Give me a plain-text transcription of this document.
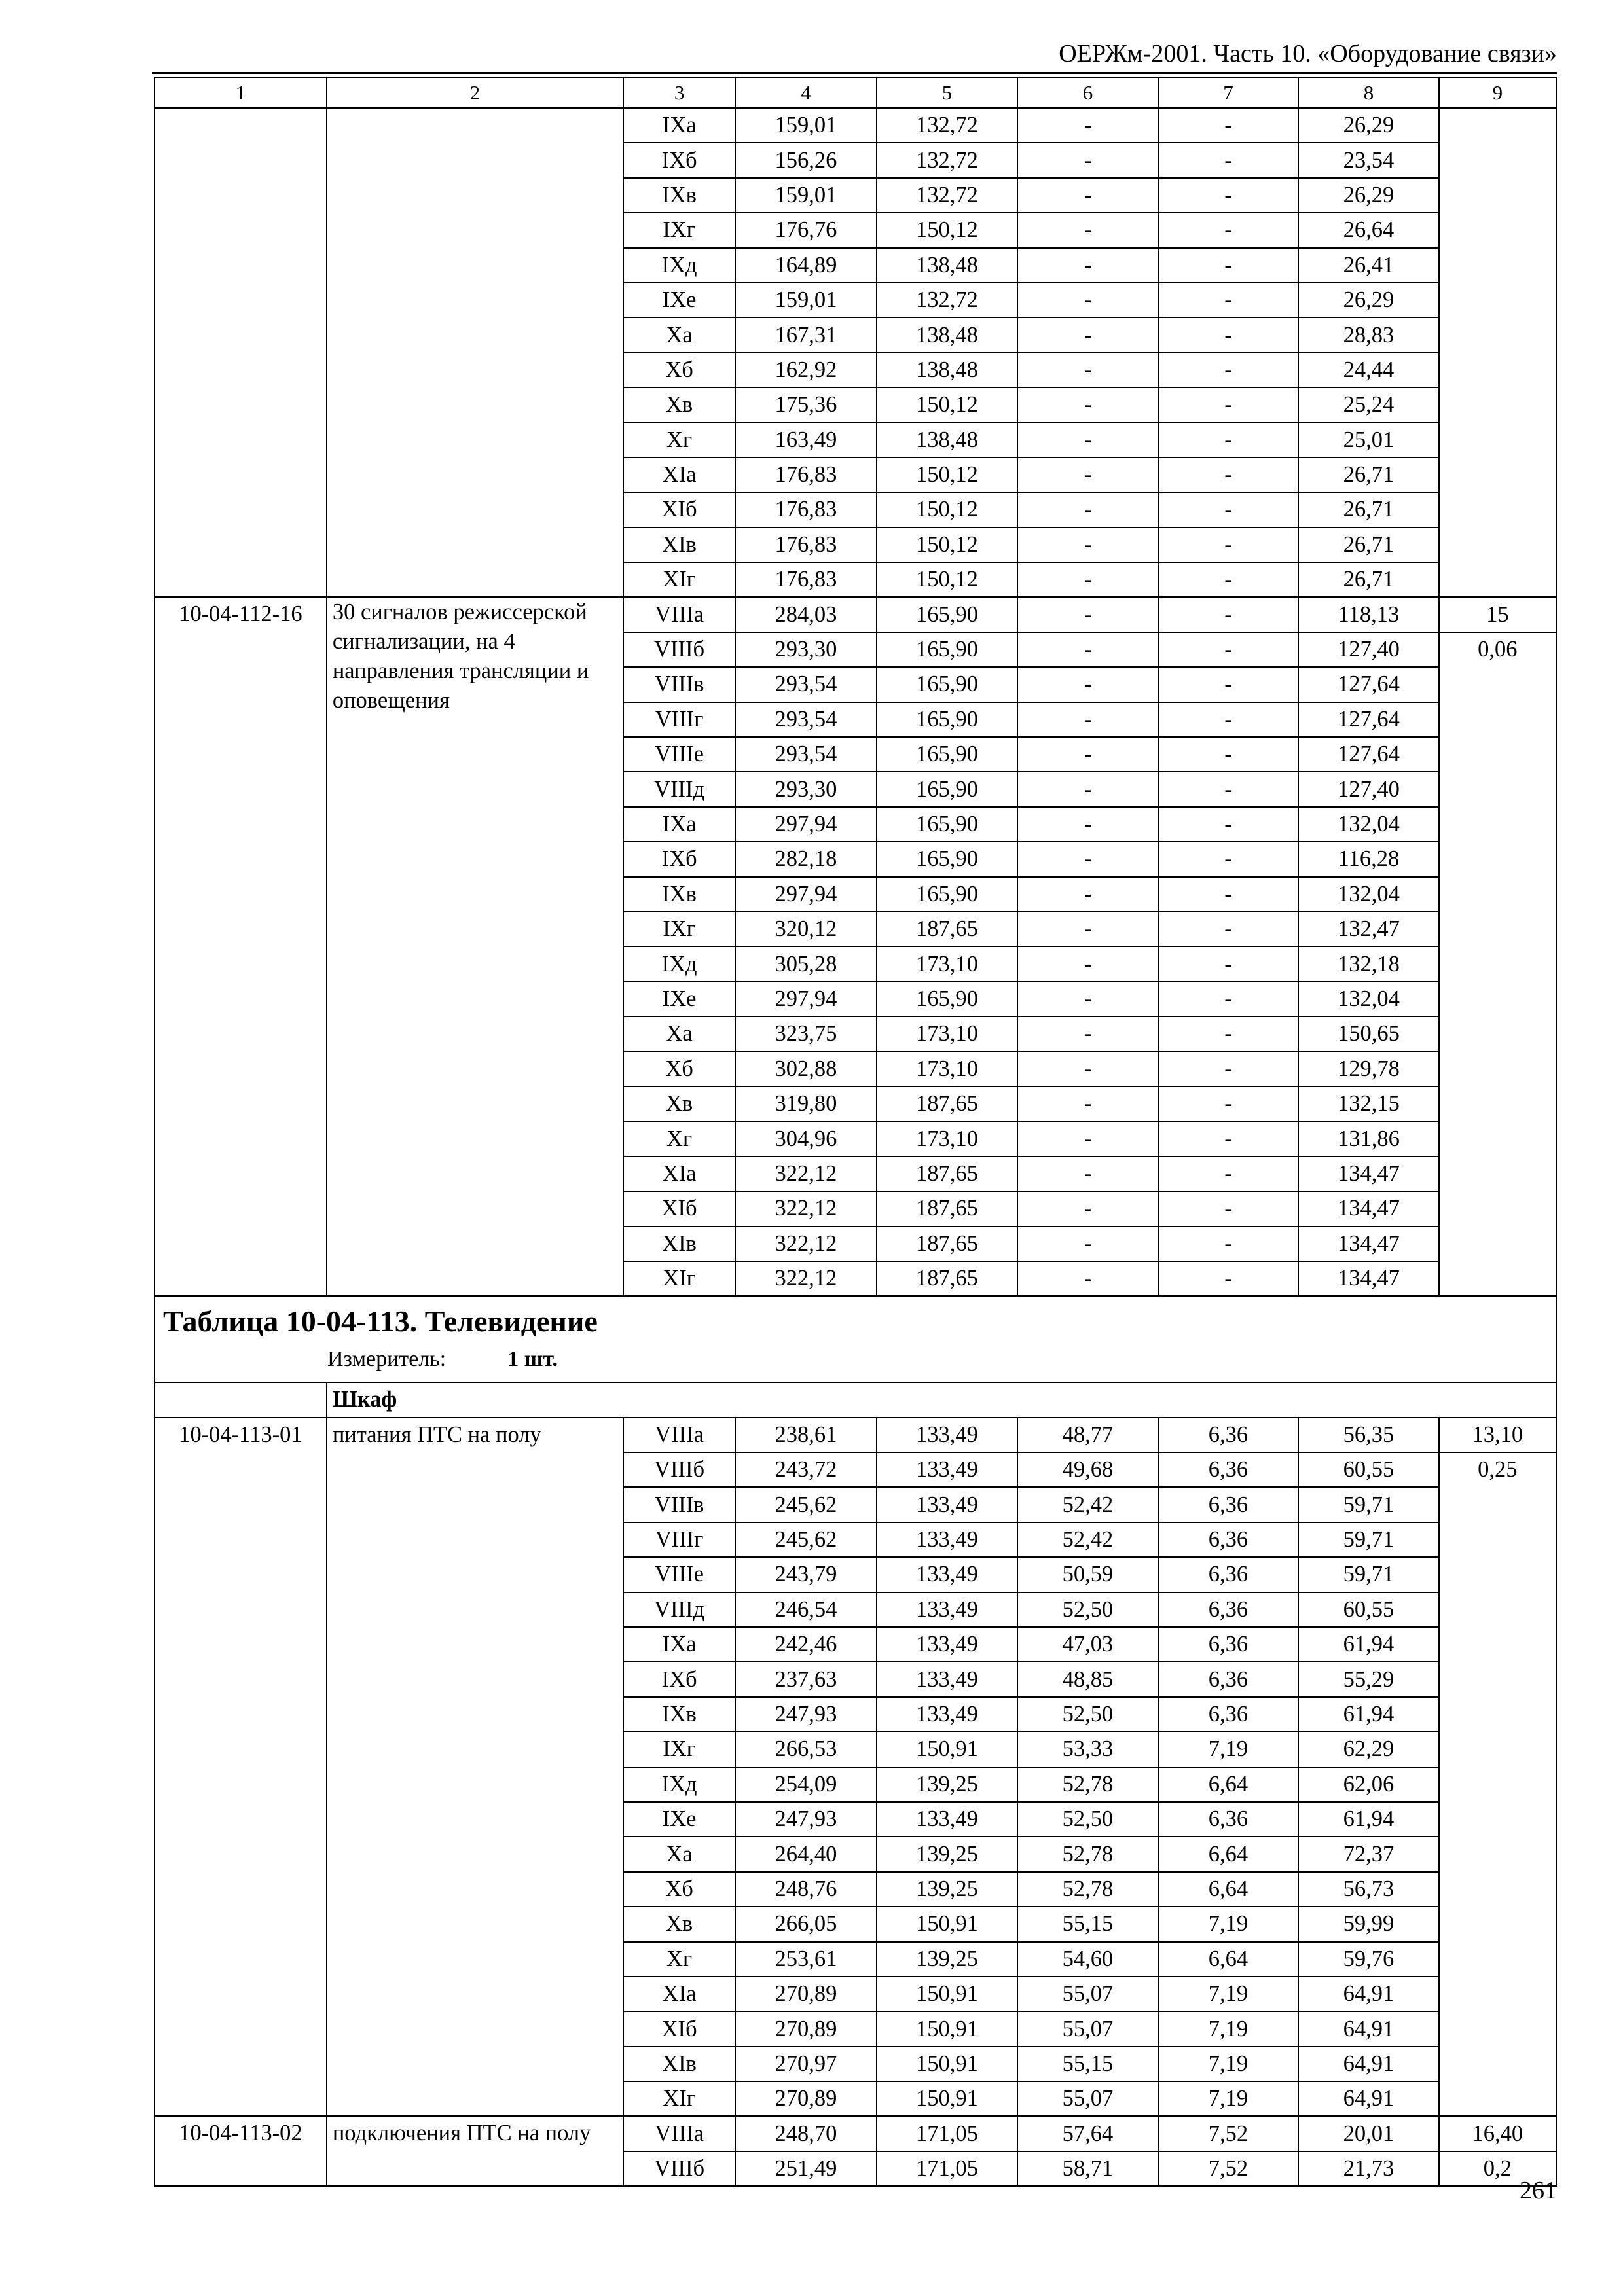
ОЕРЖм-2001. Часть 10. «Оборудование связи»
1	2	3	4	5	6	7	8	9
		IXа	159,01	132,72	-	-	26,29	
		IXб	156,26	132,72	-	-	23,54	
		IXв	159,01	132,72	-	-	26,29	
		IXг	176,76	150,12	-	-	26,64	
		IXд	164,89	138,48	-	-	26,41	
		IXе	159,01	132,72	-	-	26,29	
		Xа	167,31	138,48	-	-	28,83	
		Xб	162,92	138,48	-	-	24,44	
		Xв	175,36	150,12	-	-	25,24	
		Xг	163,49	138,48	-	-	25,01	
		XIа	176,83	150,12	-	-	26,71	
		XIб	176,83	150,12	-	-	26,71	
		XIв	176,83	150,12	-	-	26,71	
		XIг	176,83	150,12	-	-	26,71	
10-04-112-16	30 сигналов режиссерской сигнализации, на 4 направления трансляции и оповещения	VIIIа	284,03	165,90	-	-	118,13	15
		VIIIб	293,30	165,90	-	-	127,40	0,06
		VIIIв	293,54	165,90	-	-	127,64	
		VIIIг	293,54	165,90	-	-	127,64	
		VIIIе	293,54	165,90	-	-	127,64	
		VIIIд	293,30	165,90	-	-	127,40	
		IXа	297,94	165,90	-	-	132,04	
		IXб	282,18	165,90	-	-	116,28	
		IXв	297,94	165,90	-	-	132,04	
		IXг	320,12	187,65	-	-	132,47	
		IXд	305,28	173,10	-	-	132,18	
		IXе	297,94	165,90	-	-	132,04	
		Xа	323,75	173,10	-	-	150,65	
		Xб	302,88	173,10	-	-	129,78	
		Xв	319,80	187,65	-	-	132,15	
		Xг	304,96	173,10	-	-	131,86	
		XIа	322,12	187,65	-	-	134,47	
		XIб	322,12	187,65	-	-	134,47	
		XIв	322,12	187,65	-	-	134,47	
		XIг	322,12	187,65	-	-	134,47	

Таблица 10-04-113. Телевидение
Измеритель: 1 шт.								

	Шкаф							
10-04-113-01	питания ПТС на полу	VIIIа	238,61	133,49	48,77	6,36	56,35	13,10
		VIIIб	243,72	133,49	49,68	6,36	60,55	0,25
		VIIIв	245,62	133,49	52,42	6,36	59,71	
		VIIIг	245,62	133,49	52,42	6,36	59,71	
		VIIIе	243,79	133,49	50,59	6,36	59,71	
		VIIIд	246,54	133,49	52,50	6,36	60,55	
		IXа	242,46	133,49	47,03	6,36	61,94	
		IXб	237,63	133,49	48,85	6,36	55,29	
		IXв	247,93	133,49	52,50	6,36	61,94	
		IXг	266,53	150,91	53,33	7,19	62,29	
		IXд	254,09	139,25	52,78	6,64	62,06	
		IXе	247,93	133,49	52,50	6,36	61,94	
		Xа	264,40	139,25	52,78	6,64	72,37	
		Xб	248,76	139,25	52,78	6,64	56,73	
		Xв	266,05	150,91	55,15	7,19	59,99	
		Xг	253,61	139,25	54,60	6,64	59,76	
		XIа	270,89	150,91	55,07	7,19	64,91	
		XIб	270,89	150,91	55,07	7,19	64,91	
		XIв	270,97	150,91	55,15	7,19	64,91	
		XIг	270,89	150,91	55,07	7,19	64,91	
10-04-113-02	подключения ПТС на полу	VIIIа	248,70	171,05	57,64	7,52	20,01	16,40
		VIIIб	251,49	171,05	58,71	7,52	21,73	0,2
261
